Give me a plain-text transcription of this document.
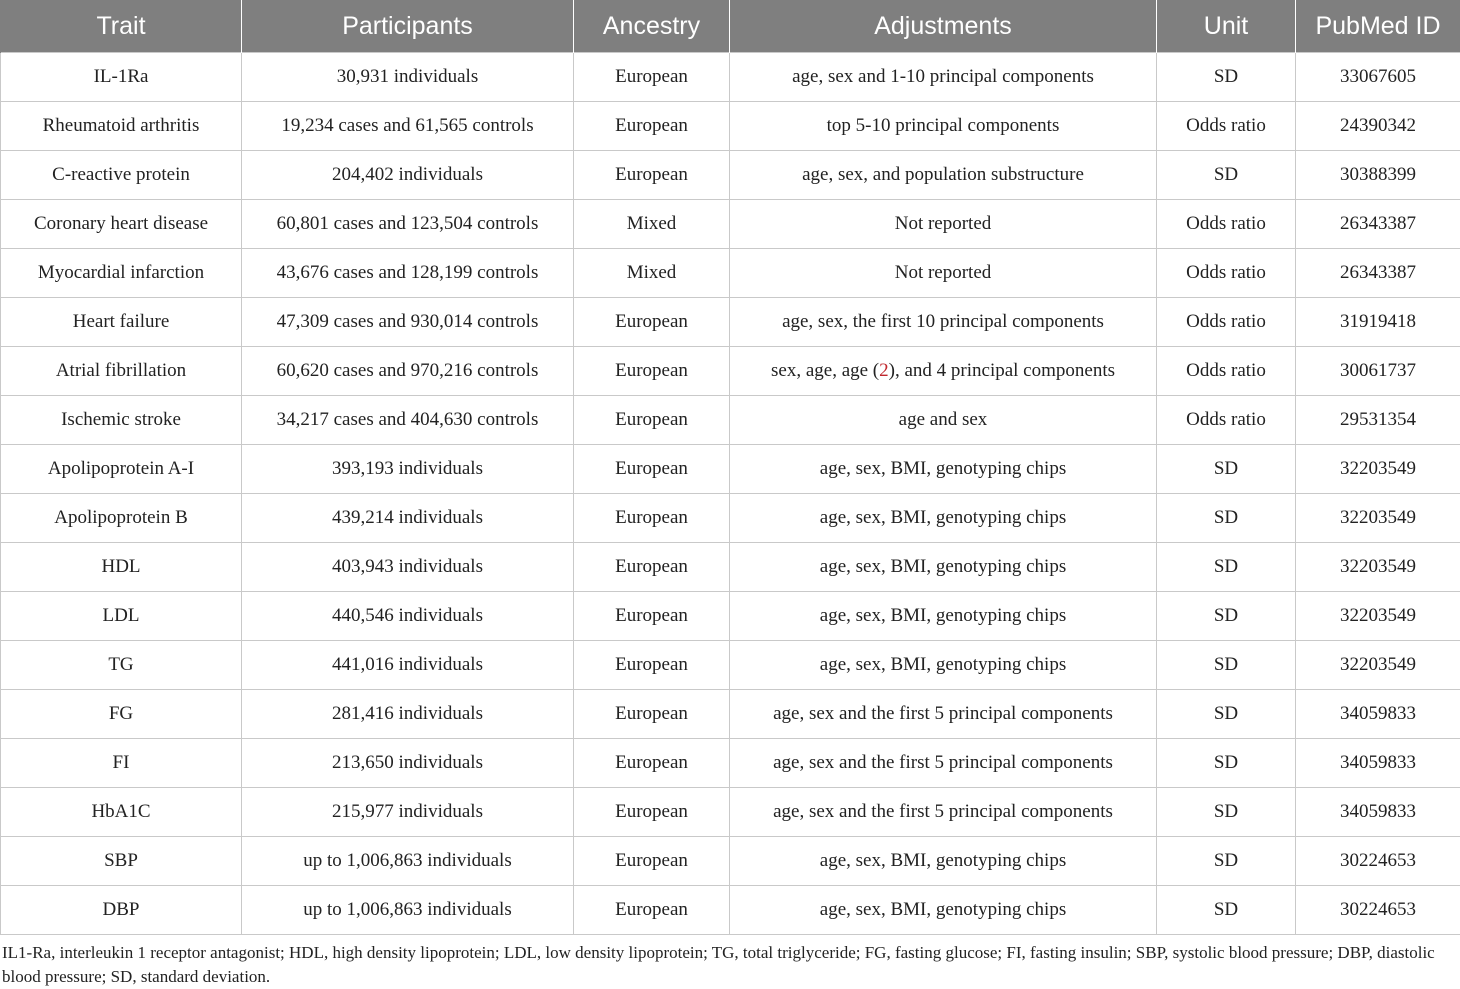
Trait	Participants	Ancestry	Adjustments	Unit	PubMed ID
IL-1Ra	30,931 individuals	European	age, sex and 1-10 principal components	SD	33067605
Rheumatoid arthritis	19,234 cases and 61,565 controls	European	top 5-10 principal components	Odds ratio	24390342
C-reactive protein	204,402 individuals	European	age, sex, and population substructure	SD	30388399
Coronary heart disease	60,801 cases and 123,504 controls	Mixed	Not reported	Odds ratio	26343387
Myocardial infarction	43,676 cases and 128,199 controls	Mixed	Not reported	Odds ratio	26343387
Heart failure	47,309 cases and 930,014 controls	European	age, sex, the first 10 principal components	Odds ratio	31919418
Atrial fibrillation	60,620 cases and 970,216 controls	European	sex, age, age (2), and 4 principal components	Odds ratio	30061737
Ischemic stroke	34,217 cases and 404,630 controls	European	age and sex	Odds ratio	29531354
Apolipoprotein A-I	393,193 individuals	European	age, sex, BMI, genotyping chips	SD	32203549
Apolipoprotein B	439,214 individuals	European	age, sex, BMI, genotyping chips	SD	32203549
HDL	403,943 individuals	European	age, sex, BMI, genotyping chips	SD	32203549
LDL	440,546 individuals	European	age, sex, BMI, genotyping chips	SD	32203549
TG	441,016 individuals	European	age, sex, BMI, genotyping chips	SD	32203549
FG	281,416 individuals	European	age, sex and the first 5 principal components	SD	34059833
FI	213,650 individuals	European	age, sex and the first 5 principal components	SD	34059833
HbA1C	215,977 individuals	European	age, sex and the first 5 principal components	SD	34059833
SBP	up to 1,006,863 individuals	European	age, sex, BMI, genotyping chips	SD	30224653
DBP	up to 1,006,863 individuals	European	age, sex, BMI, genotyping chips	SD	30224653

IL1-Ra, interleukin 1 receptor antagonist; HDL, high density lipoprotein; LDL, low density lipoprotein; TG, total triglyceride; FG, fasting glucose; FI, fasting insulin; SBP, systolic blood pressure; DBP, diastolic blood pressure; SD, standard deviation.
